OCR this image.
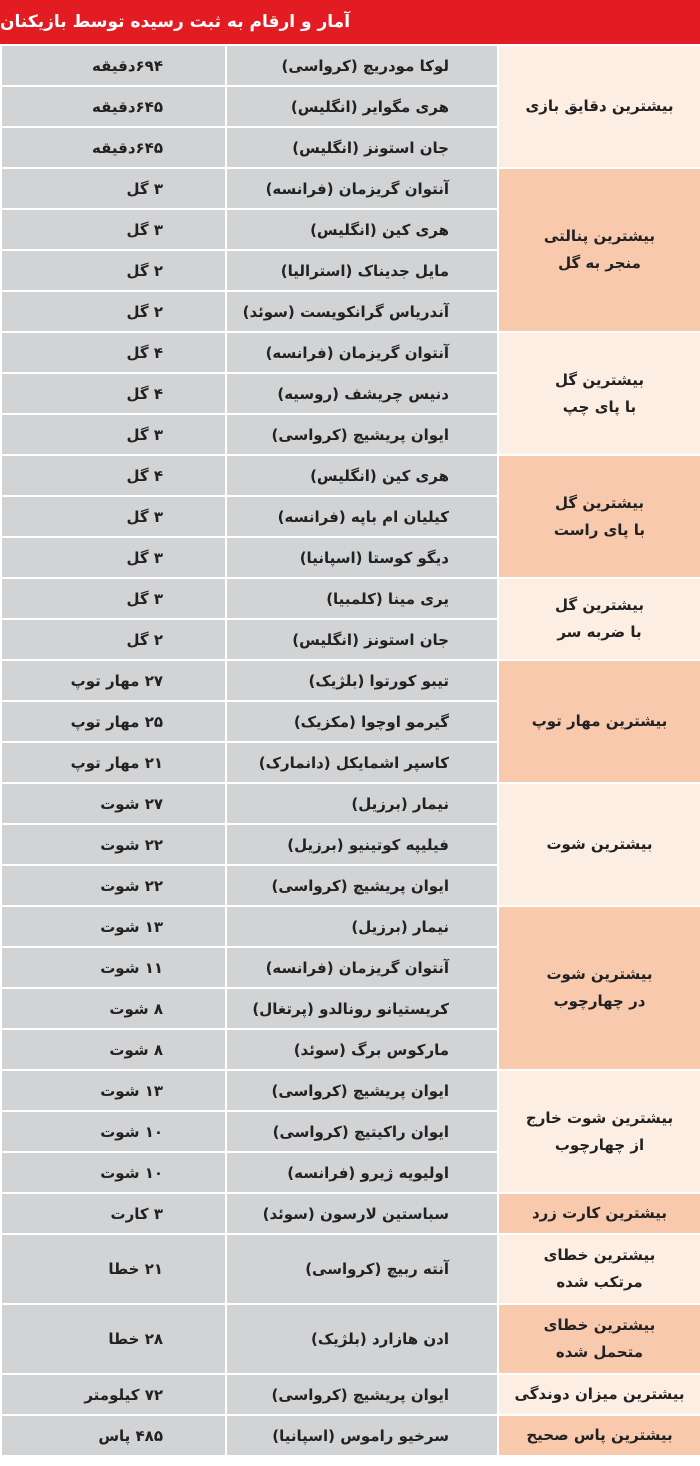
آمار و ارقام به ثبت رسیده توسط بازیکنان
بیشترین دقایق بازی	لوکا مودریچ (کرواسی)	۶۹۴دقیقه
	هری مگوایر (انگلیس)	۶۴۵دقیقه
	جان استونز (انگلیس)	۶۴۵دقیقه

بیشترین پنالتی
منجر به گل	آنتوان گریزمان (فرانسه)	۳ گل
	هری کین (انگلیس)	۳ گل
	مایل جدیناک (استرالیا)	۲ گل
	آندریاس گرانکویست (سوئد)	۲ گل

بیشترین گل
با پای چپ	آنتوان گریزمان (فرانسه)	۴ گل
	دنیس چریشف (روسیه)	۴ گل
	ایوان پریشیچ (کرواسی)	۳ گل

بیشترین گل
با پای راست	هری کین (انگلیس)	۴ گل
	کیلیان ام باپه (فرانسه)	۳ گل
	دیگو کوستا (اسپانیا)	۳ گل

بیشترین گل
با ضربه سر	یری مینا (کلمبیا)	۳ گل
	جان استونز (انگلیس)	۲ گل

بیشترین مهار توپ	تیبو کورتوا (بلژیک)	۲۷ مهار توپ
	گیرمو اوچوا (مکزیک)	۲۵ مهار توپ
	کاسپر اشمایکل (دانمارک)	۲۱ مهار توپ

بیشترین شوت	نیمار (برزیل)	۲۷ شوت
	فیلیپه کوتینیو (برزیل)	۲۲ شوت
	ایوان پریشیچ (کرواسی)	۲۲ شوت

بیشترین شوت
در چهارچوب	نیمار (برزیل)	۱۳ شوت
	آنتوان گریزمان (فرانسه)	۱۱ شوت
	کریستیانو رونالدو (پرتغال)	۸ شوت
	مارکوس برگ (سوئد)	۸ شوت

بیشترین شوت خارج
از چهارچوب	ایوان پریشیچ (کرواسی)	۱۳ شوت
	ایوان راکیتیچ (کرواسی)	۱۰ شوت
	اولیویه ژیرو (فرانسه)	۱۰ شوت

بیشترین کارت زرد	سباستین لارسون (سوئد)	۳ کارت

بیشترین خطای
مرتکب شده	آنته ربیچ (کرواسی)	۲۱ خطا

بیشترین خطای
متحمل شده	ادن هازارد (بلژیک)	۲۸ خطا

بیشترین میزان دوندگی	ایوان پریشیچ (کرواسی)	۷۲ کیلومتر

بیشترین پاس صحیح	سرخیو راموس (اسپانیا)	۴۸۵ پاس
